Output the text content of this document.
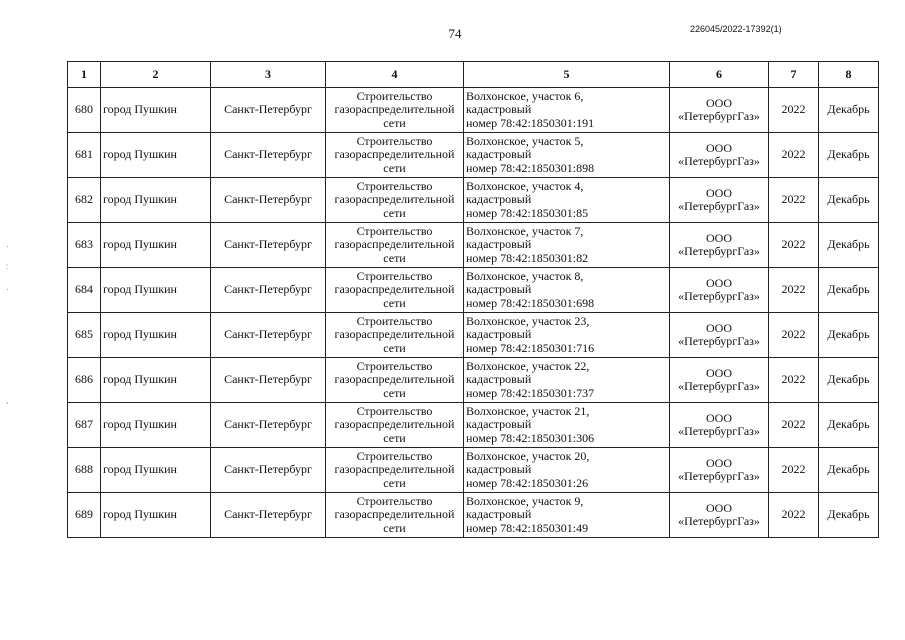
74	226045/2022-17392(1)
·
:
·
,
1	2	3	4	5	6	7	8
680	город Пушкин	Санкт-Петербург	Строительство
газораспределительной
сети	Волхонское, участок 6,
кадастровый
номер 78:42:1850301:191	ООО
«ПетербургГаз»	2022	Декабрь
681	город Пушкин	Санкт-Петербург	Строительство
газораспределительной
сети	Волхонское, участок 5,
кадастровый
номер 78:42:1850301:898	ООО
«ПетербургГаз»	2022	Декабрь
682	город Пушкин	Санкт-Петербург	Строительство
газораспределительной
сети	Волхонское, участок 4,
кадастровый
номер 78:42:1850301:85	ООО
«ПетербургГаз»	2022	Декабрь
683	город Пушкин	Санкт-Петербург	Строительство
газораспределительной
сети	Волхонское, участок 7,
кадастровый
номер 78:42:1850301:82	ООО
«ПетербургГаз»	2022	Декабрь
684	город Пушкин	Санкт-Петербург	Строительство
газораспределительной
сети	Волхонское, участок 8,
кадастровый
номер 78:42:1850301:698	ООО
«ПетербургГаз»	2022	Декабрь
685	город Пушкин	Санкт-Петербург	Строительство
газораспределительной
сети	Волхонское, участок 23,
кадастровый
номер 78:42:1850301:716	ООО
«ПетербургГаз»	2022	Декабрь
686	город Пушкин	Санкт-Петербург	Строительство
газораспределительной
сети	Волхонское, участок 22,
кадастровый
номер 78:42:1850301:737	ООО
«ПетербургГаз»	2022	Декабрь
687	город Пушкин	Санкт-Петербург	Строительство
газораспределительной
сети	Волхонское, участок 21,
кадастровый
номер 78:42:1850301:306	ООО
«ПетербургГаз»	2022	Декабрь
688	город Пушкин	Санкт-Петербург	Строительство
газораспределительной
сети	Волхонское, участок 20,
кадастровый
номер 78:42:1850301:26	ООО
«ПетербургГаз»	2022	Декабрь
689	город Пушкин	Санкт-Петербург	Строительство
газораспределительной
сети	Волхонское, участок 9,
кадастровый
номер 78:42:1850301:49	ООО
«ПетербургГаз»	2022	Декабрь
